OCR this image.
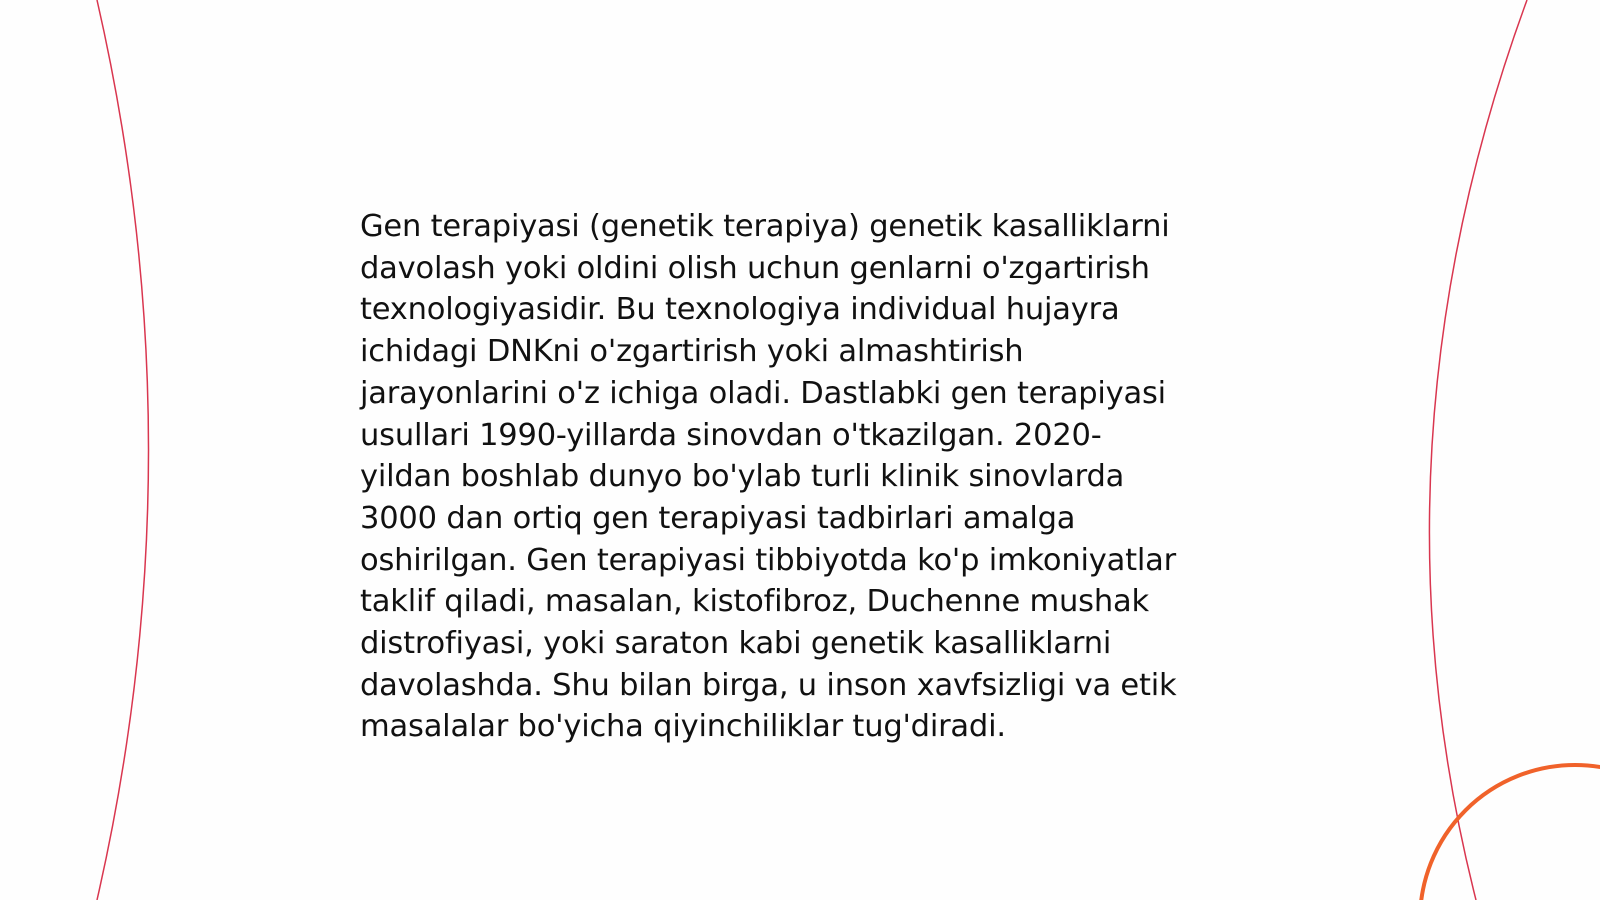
Gen terapiyasi (genetik terapiya) genetik kasalliklarni
davolash yoki oldini olish uchun genlarni o'zgartirish
texnologiyasidir. Bu texnologiya individual hujayra
ichidagi DNKni o'zgartirish yoki almashtirish
jarayonlarini o'z ichiga oladi. Dastlabki gen terapiyasi
usullari 1990-yillarda sinovdan o'tkazilgan. 2020-
yildan boshlab dunyo bo'ylab turli klinik sinovlarda
3000 dan ortiq gen terapiyasi tadbirlari amalga
oshirilgan. Gen terapiyasi tibbiyotda ko'p imkoniyatlar
taklif qiladi, masalan, kistofibroz, Duchenne mushak
distrofiyasi, yoki saraton kabi genetik kasalliklarni
davolashda. Shu bilan birga, u inson xavfsizligi va etik
masalalar bo'yicha qiyinchiliklar tug'diradi.
